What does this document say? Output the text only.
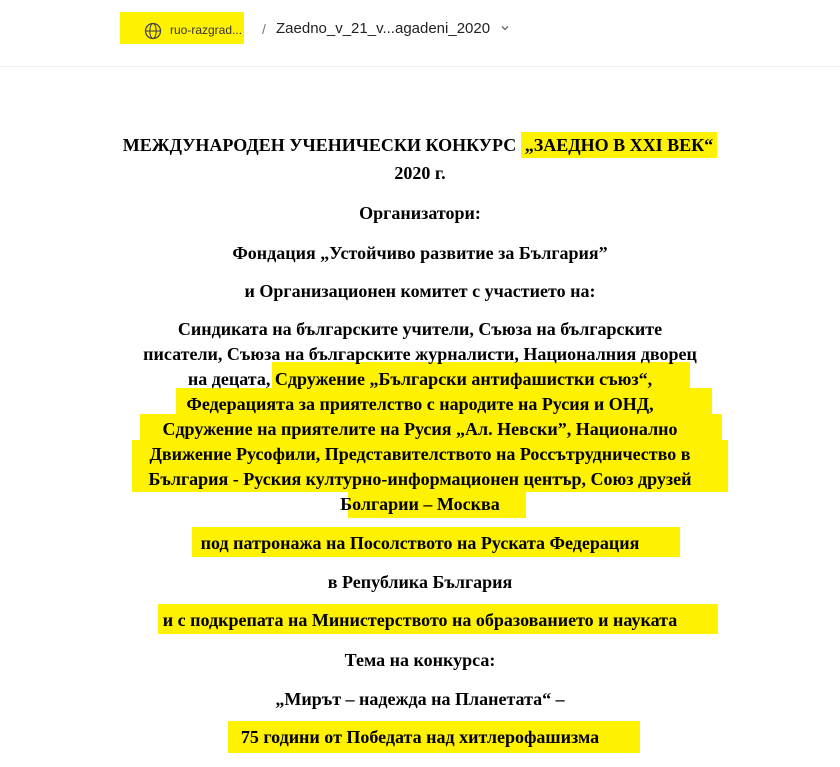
ruo-razgrad... / Zaedno_v_21_v...agadeni_2020
МЕЖДУНАРОДЕН УЧЕНИЧЕСКИ КОНКУРС „ЗАЕДНО В XXI ВЕК“
2020 г.
Организатори:
Фондация „Устойчиво развитие за България”
и Организационен комитет с участието на:
Синдиката на българските учители, Съюза на българските
писатели, Съюза на българските журналисти, Националния дворец
на децата, Сдружение „Български антифашистки съюз“,
Федерацията за приятелство с народите на Русия и ОНД,
Сдружение на приятелите на Русия „Ал. Невски”, Национално
Движение Русофили, Представителството на Россътрудничество в
България - Руския културно-информационен център, Союз друзей
Болгарии – Москва
под патронажа на Посолството на Руската Федерация
в Република България
и с подкрепата на Министерството на образованието и науката
Тема на конкурса:
„Мирът – надежда на Планетата“ –
75 години от Победата над хитлерофашизма
